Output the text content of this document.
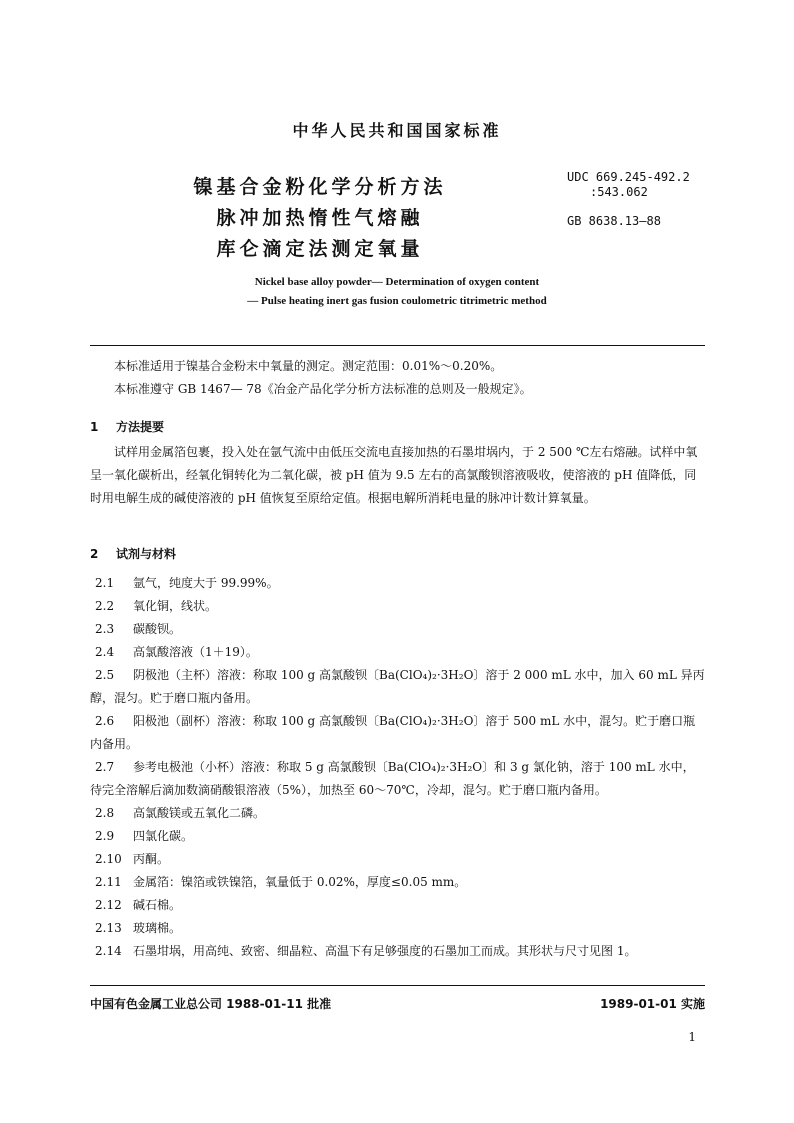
中华人民共和国国家标准
镍基合金粉化学分析方法
脉冲加热惰性气熔融
库仑滴定法测定氧量
UDC 669.245-492.2
:543.062
GB 8638.13—88
Nickel base alloy powder— Determination of oxygen content
— Pulse heating inert gas fusion coulometric titrimetric method
本标准适用于镍基合金粉末中氧量的测定。测定范围：0.01%～0.20%。
本标准遵守 GB 1467— 78《冶金产品化学分析方法标准的总则及一般规定》。
1 方法提要
试样用金属箔包裹，投入处在氩气流中由低压交流电直接加热的石墨坩埚内，于 2 500 ℃左右熔融。试样中氧呈一氧化碳析出，经氧化铜转化为二氧化碳，被 pH 值为 9.5 左右的高氯酸钡溶液吸收，使溶液的 pH 值降低，同时用电解生成的碱使溶液的 pH 值恢复至原给定值。根据电解所消耗电量的脉冲计数计算氧量。
2 试剂与材料
2.1 氩气，纯度大于 99.99%。
2.2 氧化铜，线状。
2.3 碳酸钡。
2.4 高氯酸溶液（1＋19）。
2.5 阴极池（主杯）溶液：称取 100 g 高氯酸钡〔Ba(ClO₄)₂·3H₂O〕溶于 2 000 mL 水中，加入 60 mL 异丙醇，混匀。贮于磨口瓶内备用。
2.6 阳极池（副杯）溶液：称取 100 g 高氯酸钡〔Ba(ClO₄)₂·3H₂O〕溶于 500 mL 水中，混匀。贮于磨口瓶内备用。
2.7 参考电极池（小杯）溶液：称取 5 g 高氯酸钡〔Ba(ClO₄)₂·3H₂O〕和 3 g 氯化钠，溶于 100 mL 水中，待完全溶解后滴加数滴硝酸银溶液（5%），加热至 60～70℃，冷却，混匀。贮于磨口瓶内备用。
2.8 高氯酸镁或五氧化二磷。
2.9 四氯化碳。
2.10 丙酮。
2.11 金属箔：镍箔或铁镍箔，氧量低于 0.02%，厚度≤0.05 mm。
2.12 碱石棉。
2.13 玻璃棉。
2.14 石墨坩埚，用高纯、致密、细晶粒、高温下有足够强度的石墨加工而成。其形状与尺寸见图 1。
中国有色金属工业总公司 1988-01-11 批准	1989-01-01 实施
1
